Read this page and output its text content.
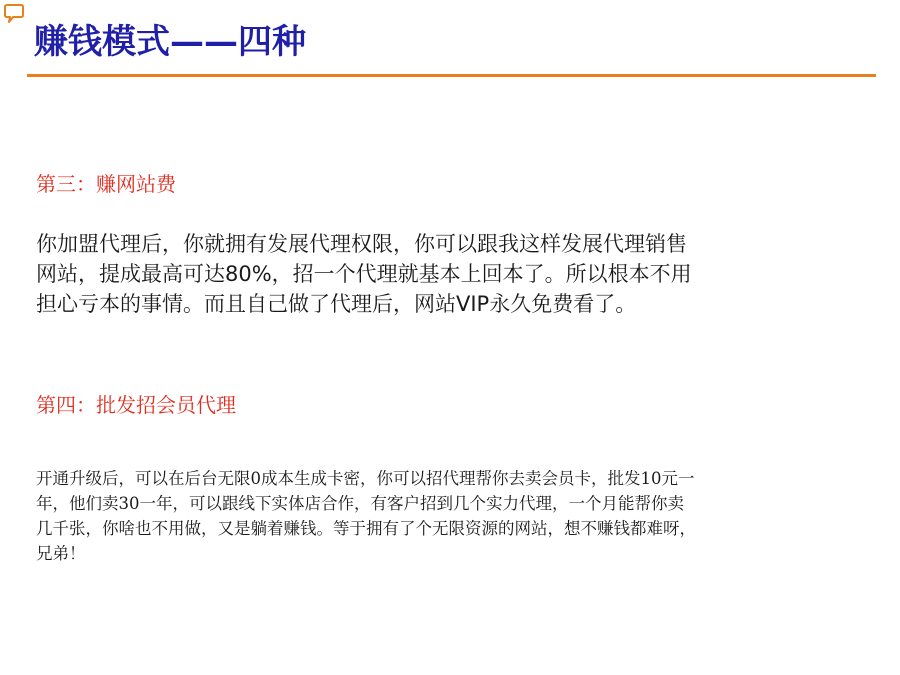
赚钱模式——四种
第三：赚网站费

你加盟代理后，你就拥有发展代理权限，你可以跟我这样发展代理销售
网站，提成最高可达80%，招一个代理就基本上回本了。所以根本不用
担心亏本的事情。而且自己做了代理后，网站VIP永久免费看了。

第四：批发招会员代理

开通升级后，可以在后台无限0成本生成卡密，你可以招代理帮你去卖会员卡，批发10元一
年，他们卖30一年，可以跟线下实体店合作，有客户招到几个实力代理，一个月能帮你卖
几千张，你啥也不用做，又是躺着赚钱。等于拥有了个无限资源的网站，想不赚钱都难呀，
兄弟！
